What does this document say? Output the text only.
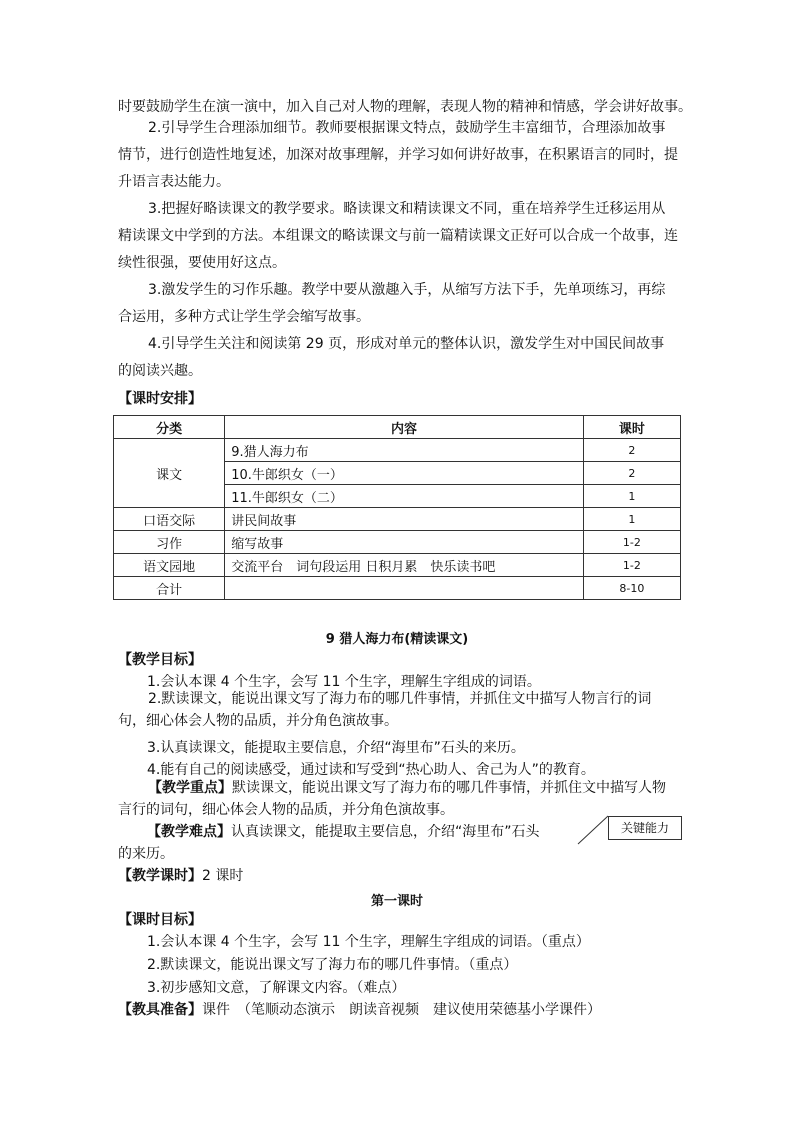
时要鼓励学生在演一演中，加入自己对人物的理解，表现人物的精神和情感，学会讲好故事。

2.引导学生合理添加细节。教师要根据课文特点，鼓励学生丰富细节，合理添加故事情节，进行创造性地复述，加深对故事理解，并学习如何讲好故事，在积累语言的同时，提升语言表达能力。

3.把握好略读课文的教学要求。略读课文和精读课文不同，重在培养学生迁移运用从精读课文中学到的方法。本组课文的略读课文与前一篇精读课文正好可以合成一个故事，连续性很强，要使用好这点。

3.激发学生的习作乐趣。教学中要从激趣入手，从缩写方法下手，先单项练习，再综合运用，多种方式让学生学会缩写故事。

4.引导学生关注和阅读第 29 页，形成对单元的整体认识，激发学生对中国民间故事的阅读兴趣。

【课时安排】

分类	内容	课时
课文	9.猎人海力布	2
	10.牛郎织女（一）	2
	11.牛郎织女（二）	1
口语交际	讲民间故事	1
习作	缩写故事	1-2
语文园地	交流平台　词句段运用 日积月累　快乐读书吧	1-2
合计		8-10
9 猎人海力布(精读课文)

【教学目标】

1.会认本课 4 个生字，会写 11 个生字，理解生字组成的词语。

2.默读课文，能说出课文写了海力布的哪几件事情，并抓住文中描写人物言行的词句，细心体会人物的品质，并分角色演故事。

3.认真读课文，能提取主要信息，介绍“海里布”石头的来历。

4.能有自己的阅读感受，通过读和写受到“热心助人、舍己为人”的教育。

【教学重点】默读课文，能说出课文写了海力布的哪几件事情，并抓住文中描写人物言行的词句，细心体会人物的品质，并分角色演故事。

【教学难点】认真读课文，能提取主要信息，介绍“海里布”石头

的来历。

关键能力

【教学课时】2 课时

第一课时

【课时目标】

1.会认本课 4 个生字，会写 11 个生字，理解生字组成的词语。（重点）

2.默读课文，能说出课文写了海力布的哪几件事情。（重点）

3.初步感知文意，了解课文内容。（难点）

【教具准备】课件　（笔顺动态演示　朗读音视频　建议使用荣德基小学课件）
